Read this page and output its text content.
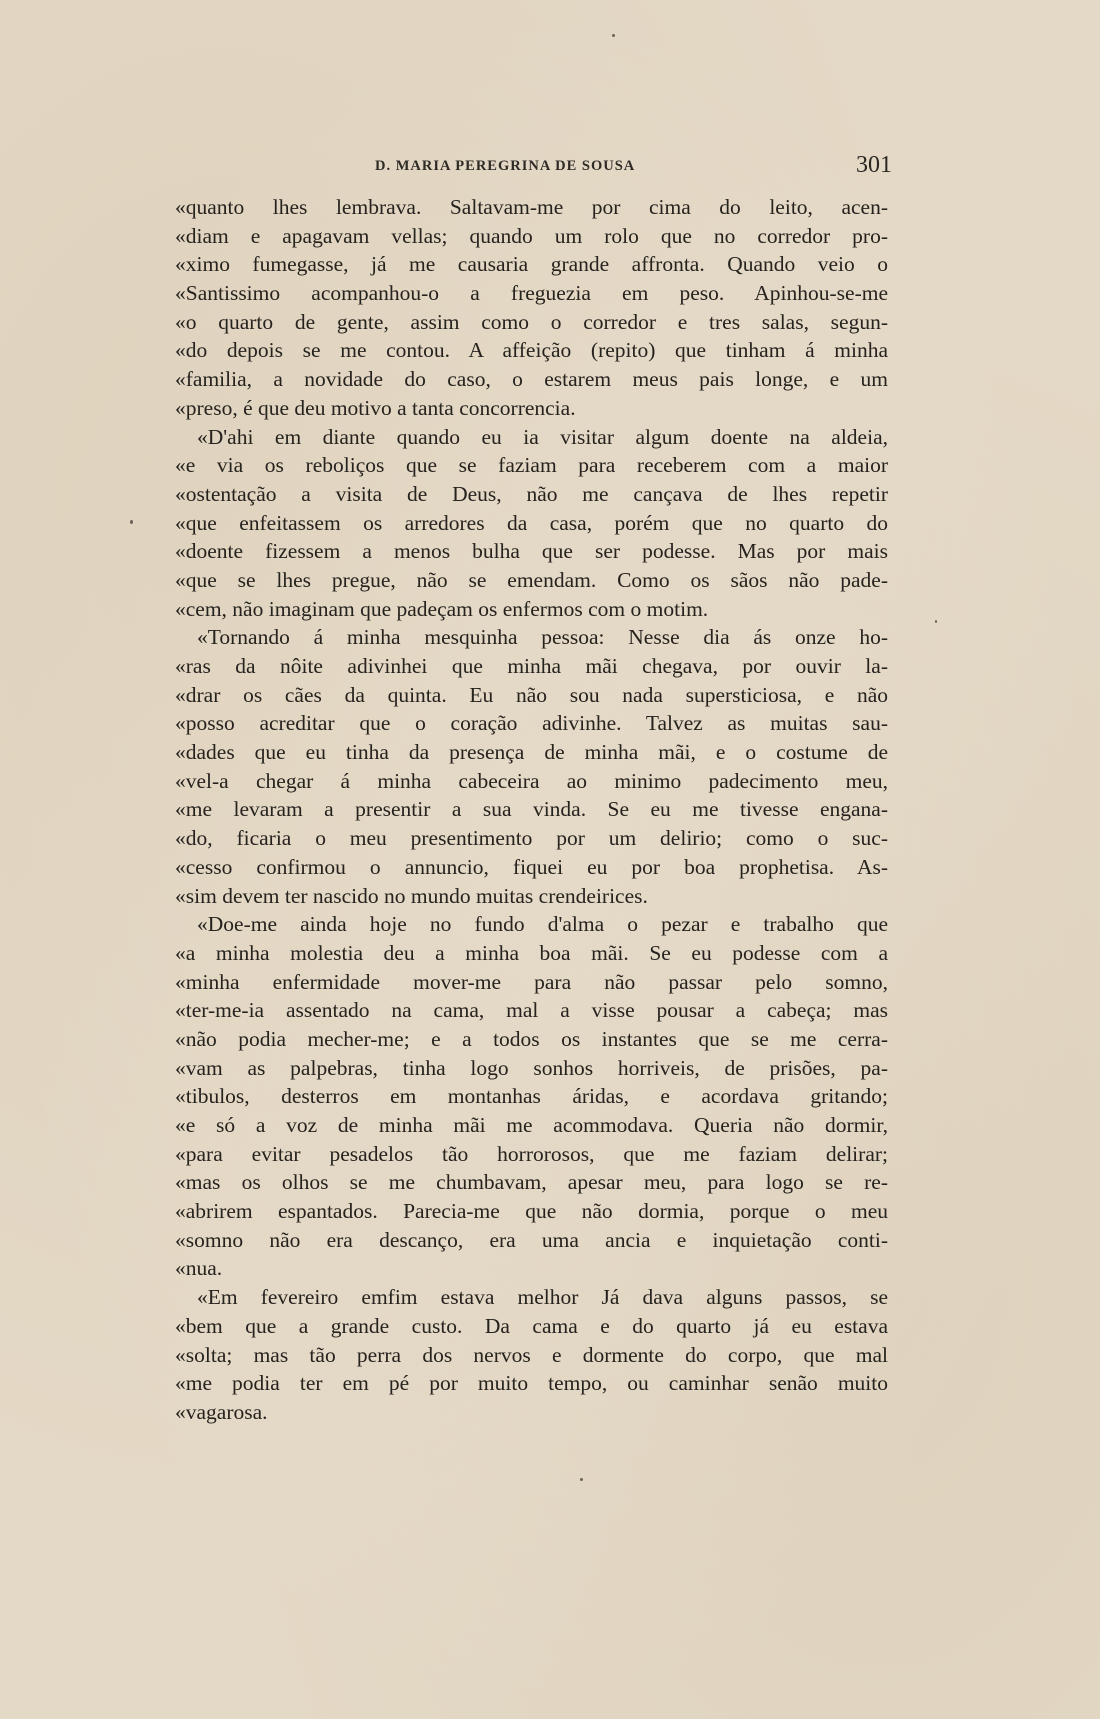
D. MARIA PEREGRINA DE SOUSA	301
«quanto lhes lembrava. Saltavam-me por cima do leito, acen-
«diam e apagavam vellas; quando um rolo que no corredor pro-
«ximo fumegasse, já me causaria grande affronta. Quando veio o
«Santissimo acompanhou-o a freguezia em peso. Apinhou-se-me
«o quarto de gente, assim como o corredor e tres salas, segun-
«do depois se me contou. A affeição (repito) que tinham á minha
«familia, a novidade do caso, o estarem meus pais longe, e um
«preso, é que deu motivo a tanta concorrencia.
«D'ahi em diante quando eu ia visitar algum doente na aldeia,
«e via os reboliços que se faziam para receberem com a maior
«ostentação a visita de Deus, não me cançava de lhes repetir
«que enfeitassem os arredores da casa, porém que no quarto do
«doente fizessem a menos bulha que ser podesse. Mas por mais
«que se lhes pregue, não se emendam. Como os sãos não pade-
«cem, não imaginam que padeçam os enfermos com o motim.
«Tornando á minha mesquinha pessoa: Nesse dia ás onze ho-
«ras da nôite adivinhei que minha mãi chegava, por ouvir la-
«drar os cães da quinta. Eu não sou nada supersticiosa, e não
«posso acreditar que o coração adivinhe. Talvez as muitas sau-
«dades que eu tinha da presença de minha mãi, e o costume de
«vel-a chegar á minha cabeceira ao minimo padecimento meu,
«me levaram a presentir a sua vinda. Se eu me tivesse engana-
«do, ficaria o meu presentimento por um delirio; como o suc-
«cesso confirmou o annuncio, fiquei eu por boa prophetisa. As-
«sim devem ter nascido no mundo muitas crendeirices.
«Doe-me ainda hoje no fundo d'alma o pezar e trabalho que
«a minha molestia deu a minha boa mãi. Se eu podesse com a
«minha enfermidade mover-me para não passar pelo somno,
«ter-me-ia assentado na cama, mal a visse pousar a cabeça; mas
«não podia mecher-me; e a todos os instantes que se me cerra-
«vam as palpebras, tinha logo sonhos horriveis, de prisões, pa-
«tibulos, desterros em montanhas áridas, e acordava gritando;
«e só a voz de minha mãi me acommodava. Queria não dormir,
«para evitar pesadelos tão horrorosos, que me faziam delirar;
«mas os olhos se me chumbavam, apesar meu, para logo se re-
«abrirem espantados. Parecia-me que não dormia, porque o meu
«somno não era descanço, era uma ancia e inquietação conti-
«nua.
«Em fevereiro emfim estava melhor Já dava alguns passos, se
«bem que a grande custo. Da cama e do quarto já eu estava
«solta; mas tão perra dos nervos e dormente do corpo, que mal
«me podia ter em pé por muito tempo, ou caminhar senão muito
«vagarosa.
